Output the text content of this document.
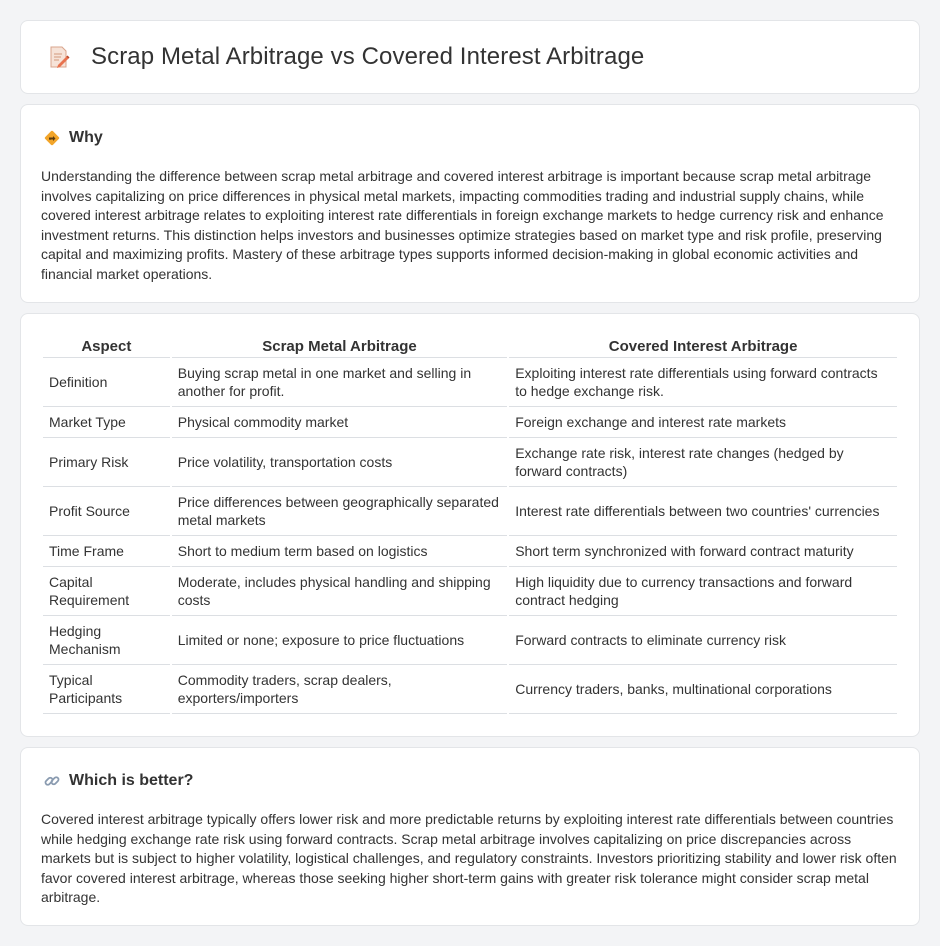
Scrap Metal Arbitrage vs Covered Interest Arbitrage
Why

Understanding the difference between scrap metal arbitrage and covered interest arbitrage is important because scrap metal arbitrage involves capitalizing on price differences in physical metal markets, impacting commodities trading and industrial supply chains, while covered interest arbitrage relates to exploiting interest rate differentials in foreign exchange markets to hedge currency risk and enhance investment returns. This distinction helps investors and businesses optimize strategies based on market type and risk profile, preserving capital and maximizing profits. Mastery of these arbitrage types supports informed decision-making in global economic activities and financial market operations.

Aspect	Scrap Metal Arbitrage	Covered Interest Arbitrage
Definition	Buying scrap metal in one market and selling in another for profit.	Exploiting interest rate differentials using forward contracts to hedge exchange risk.
Market Type	Physical commodity market	Foreign exchange and interest rate markets
Primary Risk	Price volatility, transportation costs	Exchange rate risk, interest rate changes (hedged by forward contracts)
Profit Source	Price differences between geographically separated metal markets	Interest rate differentials between two countries' currencies
Time Frame	Short to medium term based on logistics	Short term synchronized with forward contract maturity
Capital Requirement	Moderate, includes physical handling and shipping costs	High liquidity due to currency transactions and forward contract hedging
Hedging Mechanism	Limited or none; exposure to price fluctuations	Forward contracts to eliminate currency risk
Typical Participants	Commodity traders, scrap dealers, exporters/importers	Currency traders, banks, multinational corporations
Which is better?

Covered interest arbitrage typically offers lower risk and more predictable returns by exploiting interest rate differentials between countries while hedging exchange rate risk using forward contracts. Scrap metal arbitrage involves capitalizing on price discrepancies across markets but is subject to higher volatility, logistical challenges, and regulatory constraints. Investors prioritizing stability and lower risk often favor covered interest arbitrage, whereas those seeking higher short-term gains with greater risk tolerance might consider scrap metal arbitrage.
